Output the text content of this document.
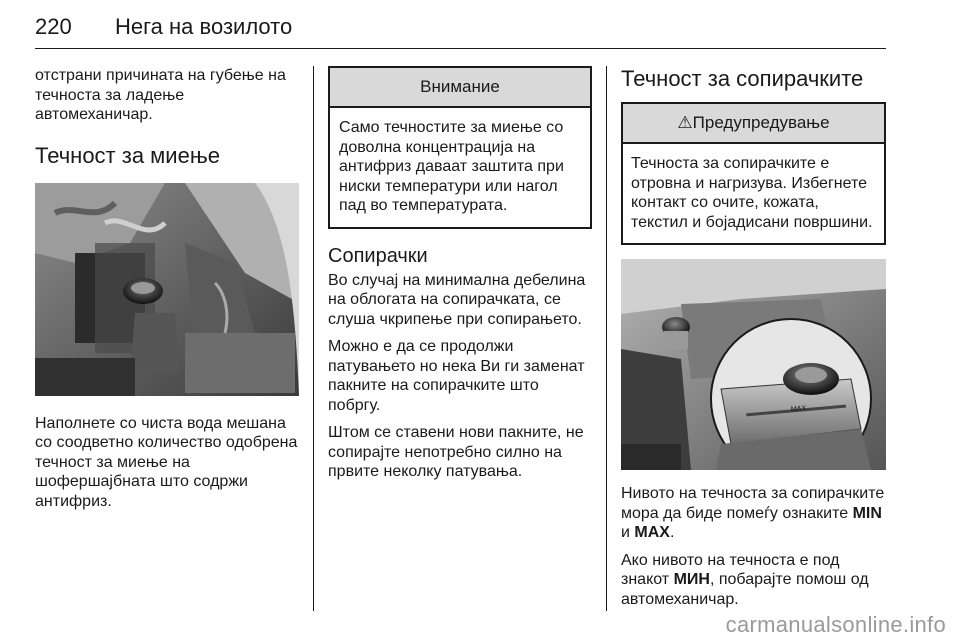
220 Нега на возилото

отстрани причината на губење на течноста за ладење автомеханичар.

Течност за миење

Наполнете со чиста вода мешана со соодветно количество одобрена течност за миење на шофершајбната што содржи антифриз.

Внимание
Само течностите за миење со доволна концентрација на антифриз даваат заштита при ниски температури или нагол пад во температурата.
Сопирачки

Во случај на минимална дебелина на облогата на сопирачката, се слуша чкрипење при сопирањето.

Можно е да се продолжи патувањето но нека Ви ги заменат пакните на сопирачките што побргу.

Штом се ставени нови пакните, не сопирајте непотребно силно на првите неколку патувања.

Течност за сопирачките
⚠Предупредување
Течноста за сопирачките е отровна и нагризува. Избегнете контакт со очите, кожата, текстил и бојадисани површини.
MAX

Нивото на течноста за сопирачките мора да биде помеѓу ознаките MIN и MAX.

Ако нивото на течноста е под знакот МИН, побарајте помош од автомеханичар.

carmanualsonline.info
